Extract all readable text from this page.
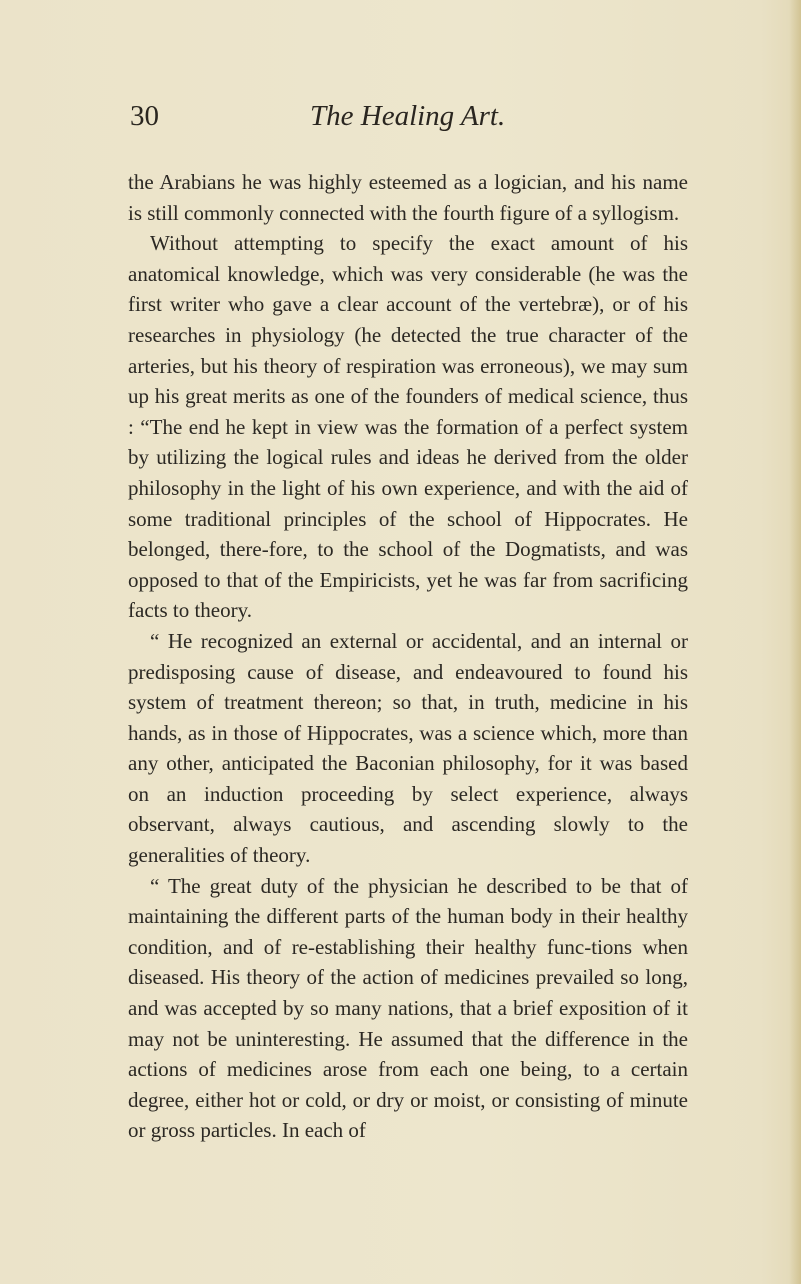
30	The Healing Art.

the Arabians he was highly esteemed as a logician, and his name is still commonly connected with the fourth figure of a syllogism.

Without attempting to specify the exact amount of his anatomical knowledge, which was very considerable (he was the first writer who gave a clear account of the vertebræ), or of his researches in physiology (he detected the true character of the arteries, but his theory of respiration was erroneous), we may sum up his great merits as one of the founders of medical science, thus : “The end he kept in view was the formation of a perfect system by utilizing the logical rules and ideas he derived from the older philosophy in the light of his own experience, and with the aid of some traditional principles of the school of Hippocrates. He belonged, there-fore, to the school of the Dogmatists, and was opposed to that of the Empiricists, yet he was far from sacrificing facts to theory.

“ He recognized an external or accidental, and an internal or predisposing cause of disease, and endeavoured to found his system of treatment thereon; so that, in truth, medicine in his hands, as in those of Hippocrates, was a science which, more than any other, anticipated the Baconian philosophy, for it was based on an induction proceeding by select experience, always observant, always cautious, and ascending slowly to the generalities of theory.

“ The great duty of the physician he described to be that of maintaining the different parts of the human body in their healthy condition, and of re-establishing their healthy func-tions when diseased. His theory of the action of medicines prevailed so long, and was accepted by so many nations, that a brief exposition of it may not be uninteresting. He assumed that the difference in the actions of medicines arose from each one being, to a certain degree, either hot or cold, or dry or moist, or consisting of minute or gross particles. In each of
